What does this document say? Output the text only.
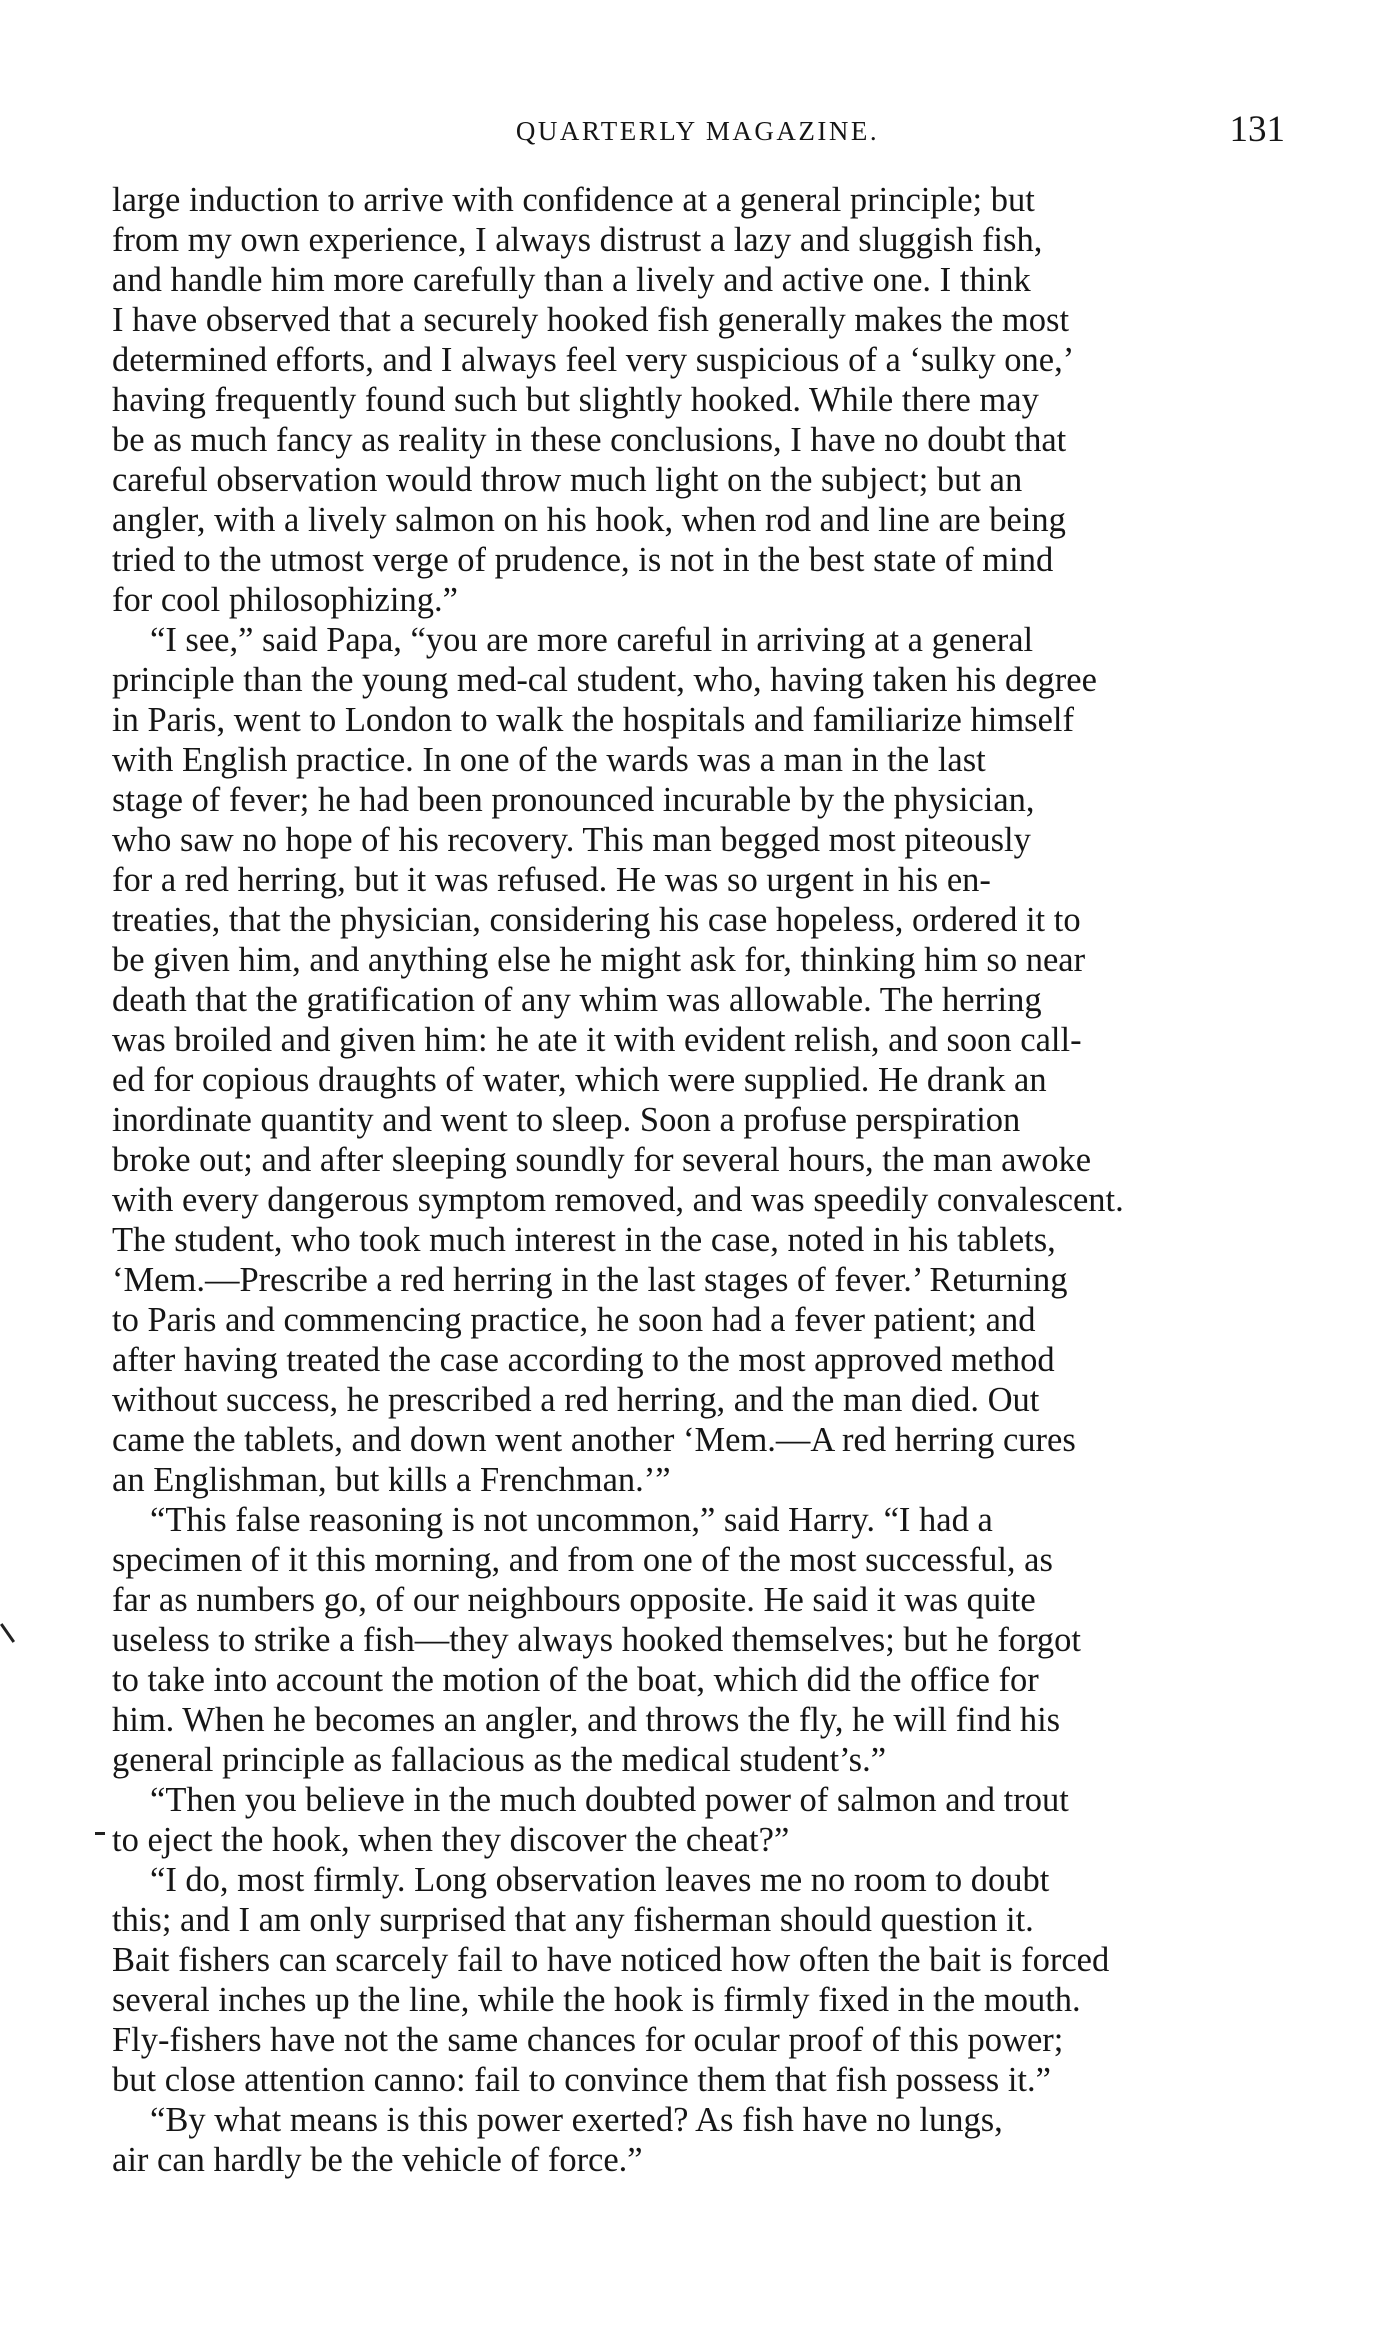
QUARTERLY MAGAZINE.	131
large induction to arrive with confidence at a general principle; but
from my own experience, I always distrust a lazy and sluggish fish,
and handle him more carefully than a lively and active one. I think
I have observed that a securely hooked fish generally makes the most
determined efforts, and I always feel very suspicious of a ‘sulky one,’
having frequently found such but slightly hooked. While there may
be as much fancy as reality in these conclusions, I have no doubt that
careful observation would throw much light on the subject; but an
angler, with a lively salmon on his hook, when rod and line are being
tried to the utmost verge of prudence, is not in the best state of mind
for cool philosophizing.”
“I see,” said Papa, “you are more careful in arriving at a general
principle than the young med-cal student, who, having taken his degree
in Paris, went to London to walk the hospitals and familiarize himself
with English practice. In one of the wards was a man in the last
stage of fever; he had been pronounced incurable by the physician,
who saw no hope of his recovery. This man begged most piteously
for a red herring, but it was refused. He was so urgent in his en-
treaties, that the physician, considering his case hopeless, ordered it to
be given him, and anything else he might ask for, thinking him so near
death that the gratification of any whim was allowable. The herring
was broiled and given him: he ate it with evident relish, and soon call-
ed for copious draughts of water, which were supplied. He drank an
inordinate quantity and went to sleep. Soon a profuse perspiration
broke out; and after sleeping soundly for several hours, the man awoke
with every dangerous symptom removed, and was speedily convalescent.
The student, who took much interest in the case, noted in his tablets,
‘Mem.—Prescribe a red herring in the last stages of fever.’ Returning
to Paris and commencing practice, he soon had a fever patient; and
after having treated the case according to the most approved method
without success, he prescribed a red herring, and the man died. Out
came the tablets, and down went another ‘Mem.—A red herring cures
an Englishman, but kills a Frenchman.’”
“This false reasoning is not uncommon,” said Harry. “I had a
specimen of it this morning, and from one of the most successful, as
far as numbers go, of our neighbours opposite. He said it was quite
useless to strike a fish—they always hooked themselves; but he forgot
to take into account the motion of the boat, which did the office for
him. When he becomes an angler, and throws the fly, he will find his
general principle as fallacious as the medical student’s.”
“Then you believe in the much doubted power of salmon and trout
to eject the hook, when they discover the cheat?”
“I do, most firmly. Long observation leaves me no room to doubt
this; and I am only surprised that any fisherman should question it.
Bait fishers can scarcely fail to have noticed how often the bait is forced
several inches up the line, while the hook is firmly fixed in the mouth.
Fly-fishers have not the same chances for ocular proof of this power;
but close attention canno: fail to convince them that fish possess it.”
“By what means is this power exerted? As fish have no lungs,
air can hardly be the vehicle of force.”
